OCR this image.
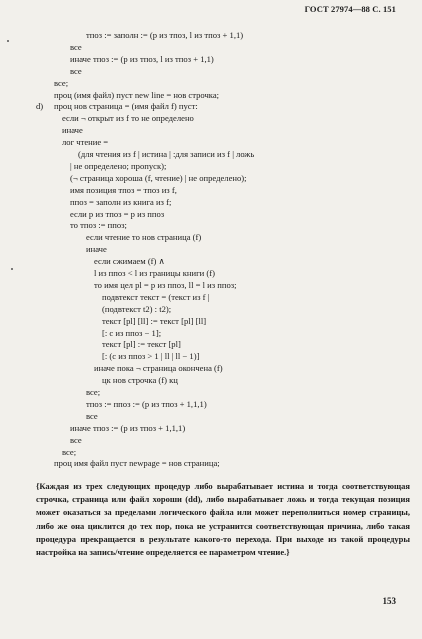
ГОСТ 27974—88 С. 151
тпоз := заполн := (р из тпоз, l из тпоз + 1,1)
все
иначе тпоз := (р из тпоз, l из тпоз + 1,1)
все
все;
проц (имя файл) пуст new line = нов строчка;
d) проц нов страница = (имя файл f) пуст:
если ¬ открыт из f то не определено
иначе
лог чтение =
(для чтения из f | истина | :для записи из f | ложь
| не определено; пропуск);
(¬ страница хороша (f, чтение) | не определено);
имя позиция тпоз = тпоз из f,
ппоз = заполн из книга из f;
если р из тпоз = р из ппоз
то тпоз := ппоз;
если чтение то нов страница (f)
иначе
если сжимаем (f) ∧
l из ппоз < l из границы книги (f)
то имя цел pl = р из ппоз, ll = l из ппоз;
подвтекст текст = (текст из f |
(подвтекст t2) : t2);
текст [pl] [ll] := текст [pl] [ll]
[: с из ппоз − 1];
текст [pl] := текст [pl]
[: (с из ппоз > 1 | ll | ll − 1)]
иначе пока ¬ страница окончена (f)
цк нов строчка (f) кц
все;
тпоз := ппоз := (р из тпоз + 1,1,1)
все
иначе тпоз := (р из тпоз + 1,1,1)
все
все;
проц имя файл пуст newpage = нов страница;
{Каждая из трех следующих процедур либо вырабатывает истина и тогда соответствующая строчка, страница или файл хороши (dd), либо вырабатывает ложь и тогда текущая позиция может оказаться за пределами логического файла или может переполниться номер страницы, либо же она циклится до тех пор, пока не устранится соответствующая причина, либо такая процедура прекращается в результате какого-то перехода. При выходе из такой процедуры настройка на запись/чтение определяется ее параметром чтение.}
153
